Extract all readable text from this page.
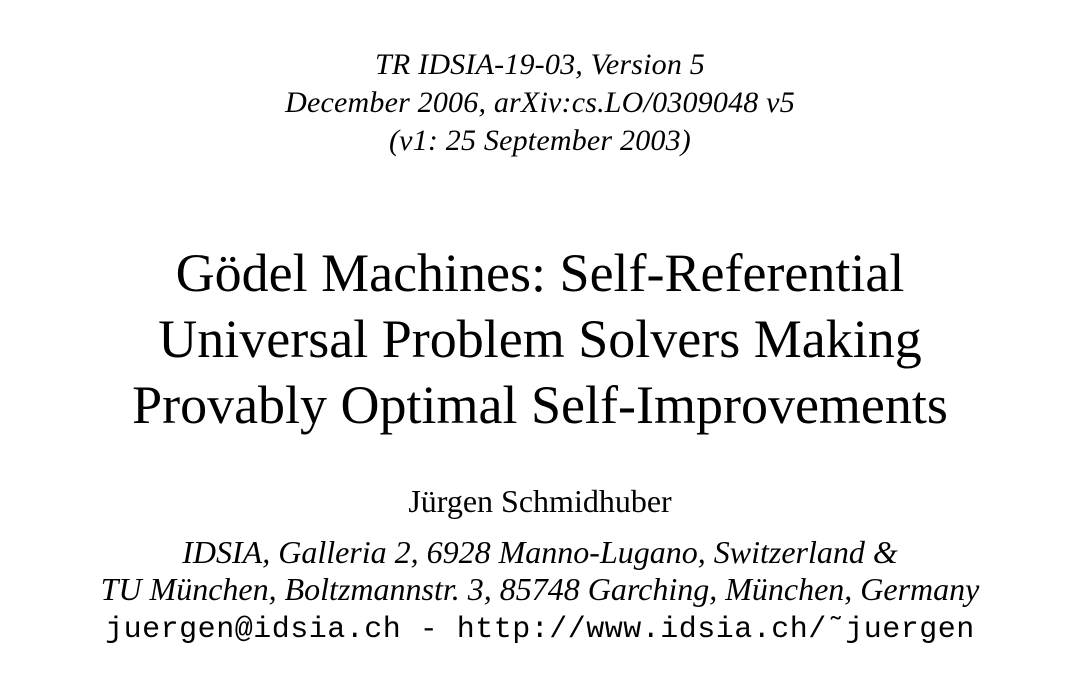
TR IDSIA-19-03, Version 5
December 2006, arXiv:cs.LO/0309048 v5
(v1: 25 September 2003)
Gödel Machines: Self-Referential
Universal Problem Solvers Making
Provably Optimal Self-Improvements
Jürgen Schmidhuber
IDSIA, Galleria 2, 6928 Manno-Lugano, Switzerland &
TU München, Boltzmannstr. 3, 85748 Garching, München, Germany
juergen@idsia.ch - http://www.idsia.ch/˜juergen
